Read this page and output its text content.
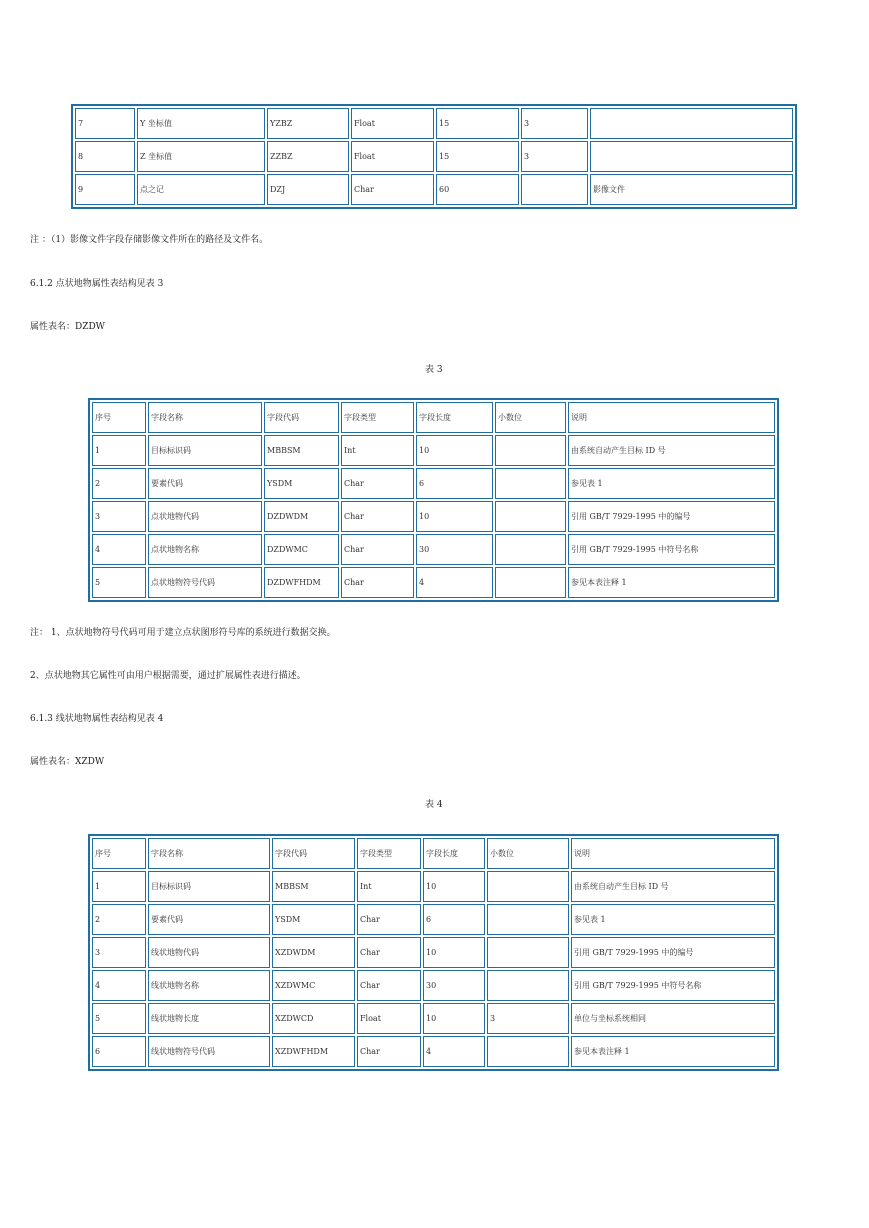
7	Y 坐标值	YZBZ	Float	15	3	
8	Z 坐标值	ZZBZ	Float	15	3	
9	点之记	DZJ	Char	60		影像文件
注 ：（1）影像文件字段存储影像文件所在的路径及文件名。
6.1.2 点状地物属性表结构见表 3
属性表名：DZDW
表 3
序号	字段名称	字段代码	字段类型	字段长度	小数位	说明
1	目标标识码	MBBSM	Int	10		由系统自动产生目标 ID 号
2	要素代码	YSDM	Char	6		参见表 1
3	点状地物代码	DZDWDM	Char	10		引用 GB/T 7929-1995 中的编号
4	点状地物名称	DZDWMC	Char	30		引用 GB/T 7929-1995 中符号名称
5	点状地物符号代码	DZDWFHDM	Char	4		参见本表注释 1
注： 1、点状地物符号代码可用于建立点状图形符号库的系统进行数据交换。
2、点状地物其它属性可由用户根据需要，通过扩展属性表进行描述。
6.1.3 线状地物属性表结构见表 4
属性表名：XZDW
表 4
序号	字段名称	字段代码	字段类型	字段长度	小数位	说明
1	目标标识码	MBBSM	Int	10		由系统自动产生目标 ID 号
2	要素代码	YSDM	Char	6		参见表 1
3	线状地物代码	XZDWDM	Char	10		引用 GB/T 7929-1995 中的编号
4	线状地物名称	XZDWMC	Char	30		引用 GB/T 7929-1995 中符号名称
5	线状地物长度	XZDWCD	Float	10	3	单位与坐标系统相同
6	线状地物符号代码	XZDWFHDM	Char	4		参见本表注释 1
